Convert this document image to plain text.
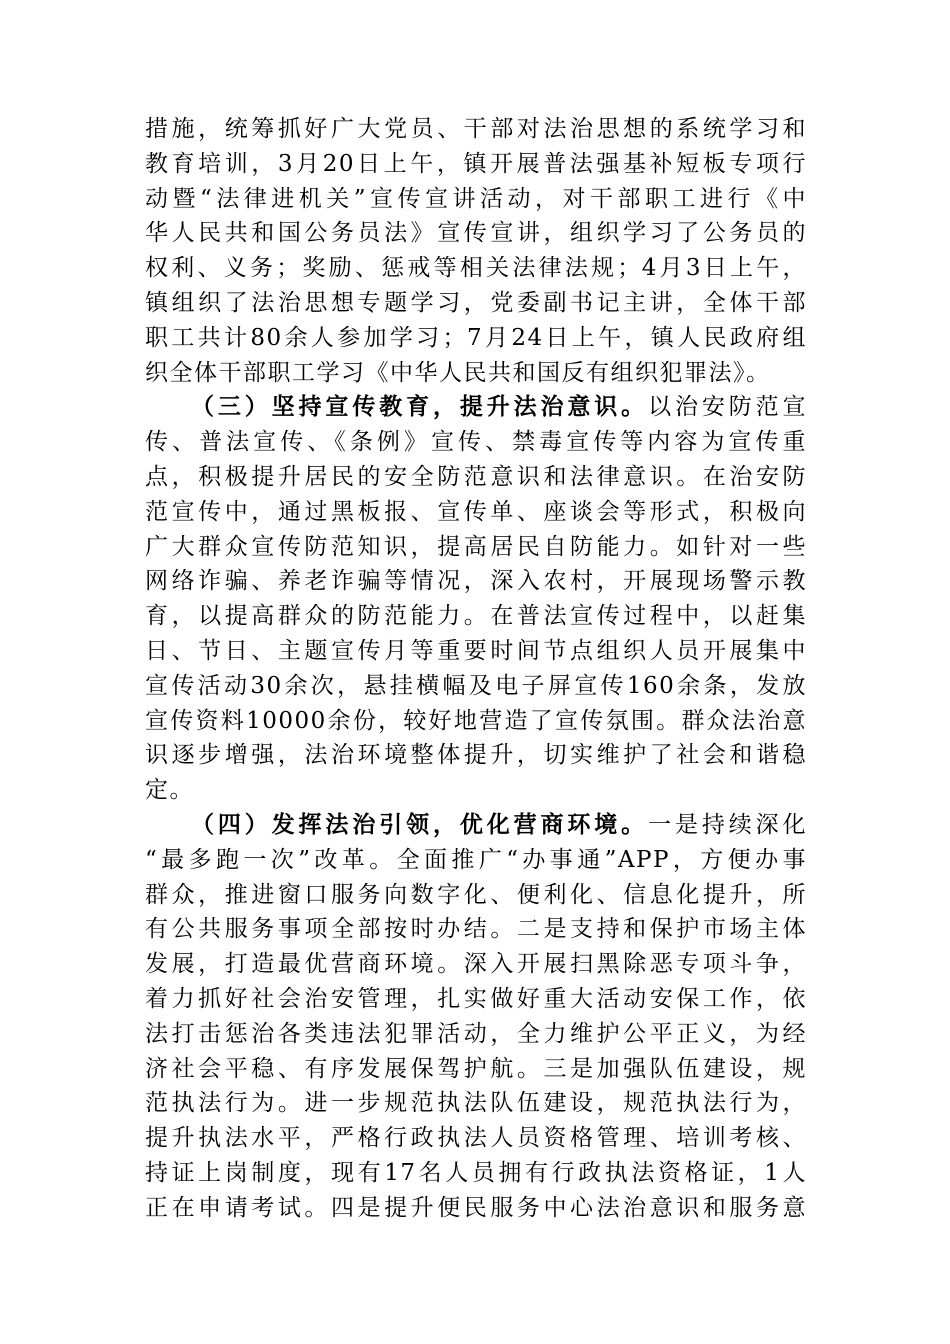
措施，统筹抓好广大党员、干部对法治思想的系统学习和
教育培训，3月20日上午，镇开展普法强基补短板专项行
动暨“法律进机关”宣传宣讲活动，对干部职工进行《中
华人民共和国公务员法》宣传宣讲，组织学习了公务员的
权利、义务；奖励、惩戒等相关法律法规；4月3日上午，
镇组织了法治思想专题学习，党委副书记主讲，全体干部
职工共计80余人参加学习；7月24日上午，镇人民政府组
织全体干部职工学习《中华人民共和国反有组织犯罪法》。
（三）坚持宣传教育，提升法治意识。以治安防范宣
传、普法宣传、《条例》宣传、禁毒宣传等内容为宣传重
点，积极提升居民的安全防范意识和法律意识。在治安防
范宣传中，通过黑板报、宣传单、座谈会等形式，积极向
广大群众宣传防范知识，提高居民自防能力。如针对一些
网络诈骗、养老诈骗等情况，深入农村，开展现场警示教
育，以提高群众的防范能力。在普法宣传过程中，以赶集
日、节日、主题宣传月等重要时间节点组织人员开展集中
宣传活动30余次，悬挂横幅及电子屏宣传160余条，发放
宣传资料10000余份，较好地营造了宣传氛围。群众法治意
识逐步增强，法治环境整体提升，切实维护了社会和谐稳
定。
（四）发挥法治引领，优化营商环境。一是持续深化
“最多跑一次”改革。全面推广“办事通”APP，方便办事
群众，推进窗口服务向数字化、便利化、信息化提升，所
有公共服务事项全部按时办结。二是支持和保护市场主体
发展，打造最优营商环境。深入开展扫黑除恶专项斗争，
着力抓好社会治安管理，扎实做好重大活动安保工作，依
法打击惩治各类违法犯罪活动，全力维护公平正义，为经
济社会平稳、有序发展保驾护航。三是加强队伍建设，规
范执法行为。进一步规范执法队伍建设，规范执法行为，
提升执法水平，严格行政执法人员资格管理、培训考核、
持证上岗制度，现有17名人员拥有行政执法资格证，1人
正在申请考试。四是提升便民服务中心法治意识和服务意
